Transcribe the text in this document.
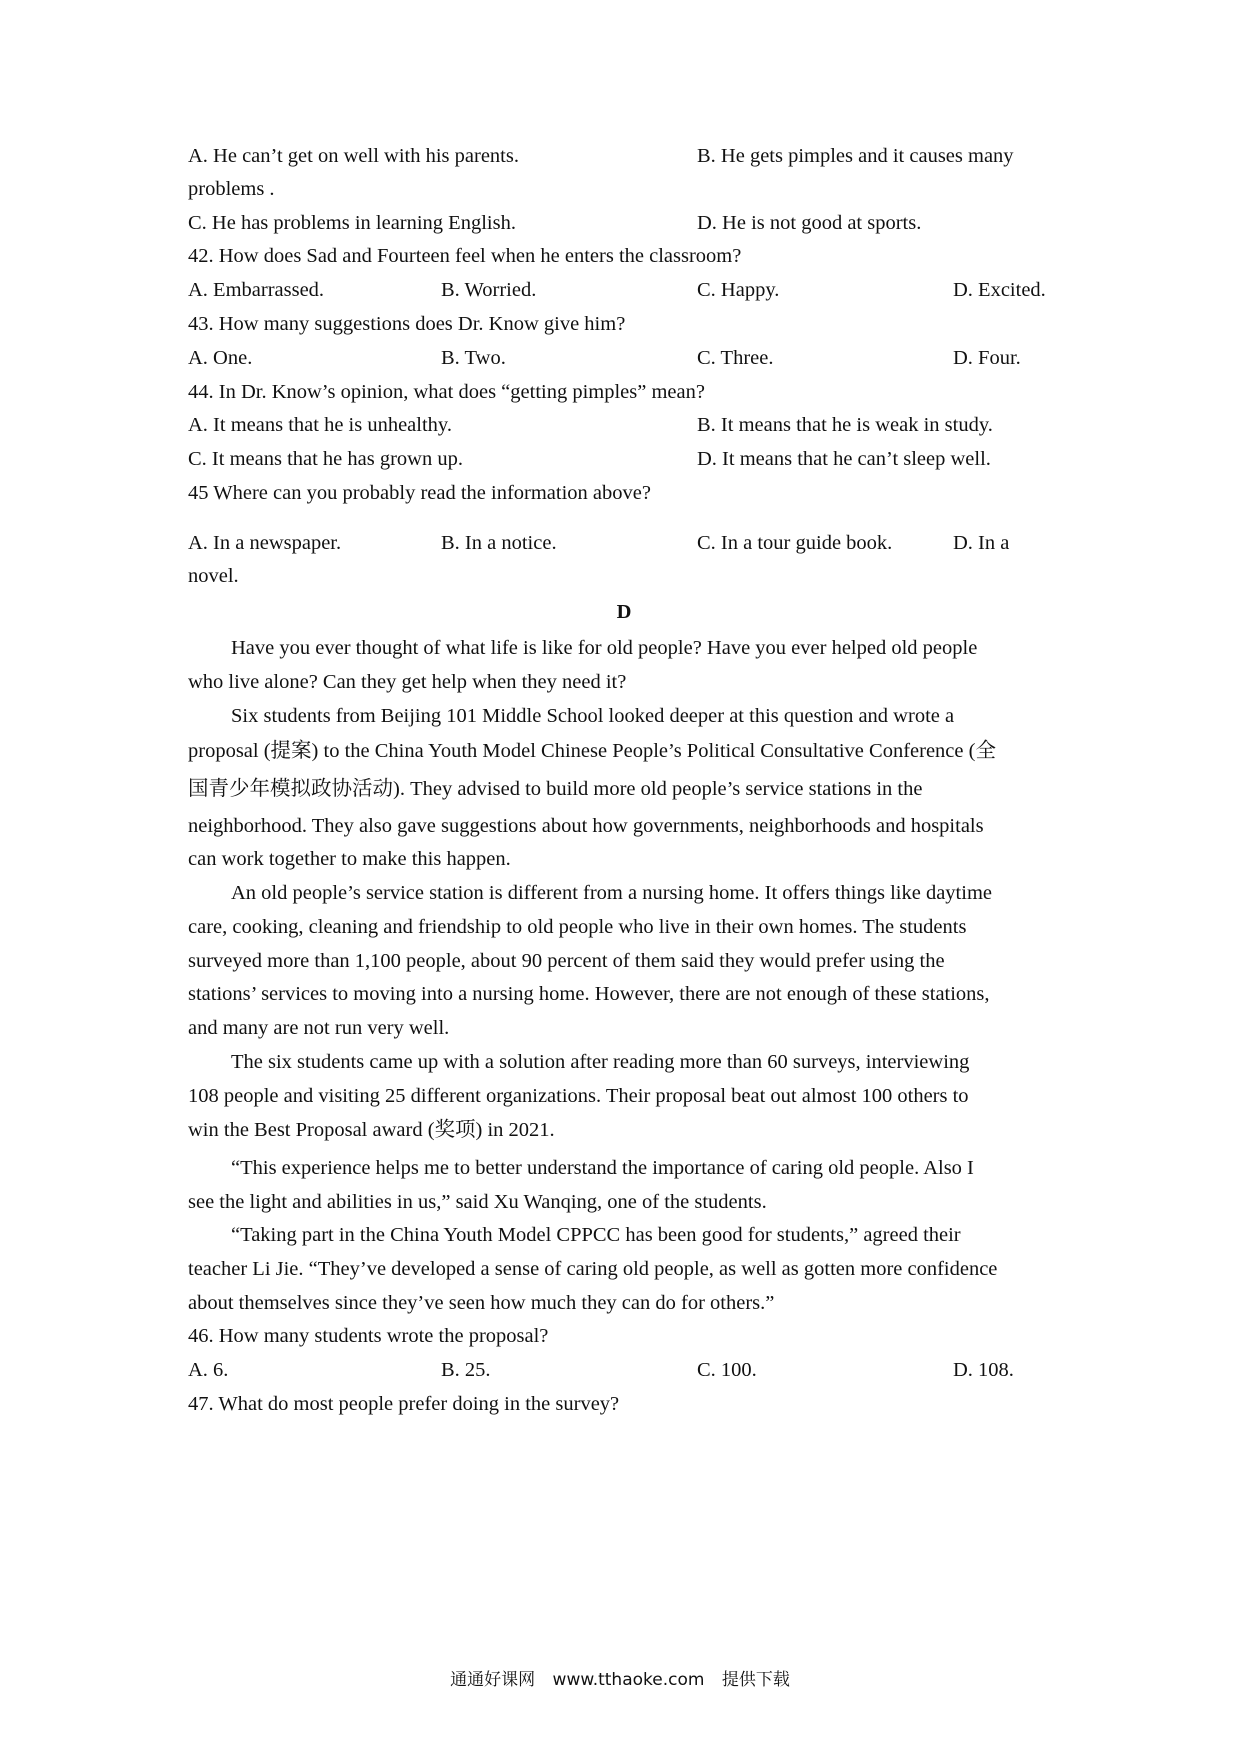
A. He can’t get on well with his parents.	B. He gets pimples and it causes many
problems .
C. He has problems in learning English.	D. He is not good at sports.
42. How does Sad and Fourteen feel when he enters the classroom?
A. Embarrassed.	B. Worried.	C. Happy.	D. Excited.
43. How many suggestions does Dr. Know give him?
A. One.	B. Two.	C. Three.	D. Four.
44. In Dr. Know’s opinion, what does “getting pimples” mean?
A. It means that he is unhealthy.	B. It means that he is weak in study.
C. It means that he has grown up.	D. It means that he can’t sleep well.
45 Where can you probably read the information above?
A. In a newspaper.	B. In a notice.	C. In a tour guide book.	D. In a
novel.
D
Have you ever thought of what life is like for old people? Have you ever helped old people
who live alone? Can they get help when they need it?
Six students from Beijing 101 Middle School looked deeper at this question and wrote a
proposal (提案) to the China Youth Model Chinese People’s Political Consultative Conference (全
国青少年模拟政协活动). They advised to build more old people’s service stations in the
neighborhood. They also gave suggestions about how governments, neighborhoods and hospitals
can work together to make this happen.
An old people’s service station is different from a nursing home. It offers things like daytime
care, cooking, cleaning and friendship to old people who live in their own homes. The students
surveyed more than 1,100 people, about 90 percent of them said they would prefer using the
stations’ services to moving into a nursing home. However, there are not enough of these stations,
and many are not run very well.
The six students came up with a solution after reading more than 60 surveys, interviewing
108 people and visiting 25 different organizations. Their proposal beat out almost 100 others to
win the Best Proposal award (奖项) in 2021.
“This experience helps me to better understand the importance of caring old people. Also I
see the light and abilities in us,” said Xu Wanqing, one of the students.
“Taking part in the China Youth Model CPPCC has been good for students,” agreed their
teacher Li Jie. “They’ve developed a sense of caring old people, as well as gotten more confidence
about themselves since they’ve seen how much they can do for others.”
46. How many students wrote the proposal?
A. 6.	B. 25.	C. 100.	D. 108.
47. What do most people prefer doing in the survey?
通通好课网 www.tthaoke.com 提供下载
